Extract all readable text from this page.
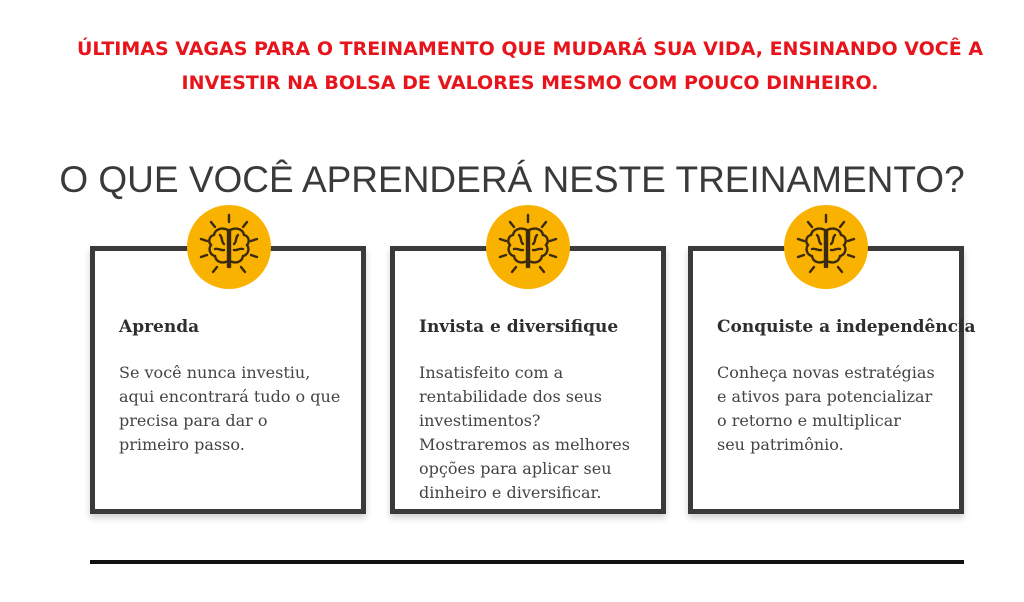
ÚLTIMAS VAGAS PARA O TREINAMENTO QUE MUDARÁ SUA VIDA, ENSINANDO VOCÊ A
INVESTIR NA BOLSA DE VALORES MESMO COM POUCO DINHEIRO.
O QUE VOCÊ APRENDERÁ NESTE TREINAMENTO?
Aprenda
Se você nunca investiu,
aqui encontrará tudo o que
precisa para dar o
primeiro passo.
Invista e diversifique
Insatisfeito com a
rentabilidade dos seus
investimentos?
Mostraremos as melhores
opções para aplicar seu
dinheiro e diversificar.
Conquiste a independência
Conheça novas estratégias
e ativos para potencializar
o retorno e multiplicar
seu patrimônio.
